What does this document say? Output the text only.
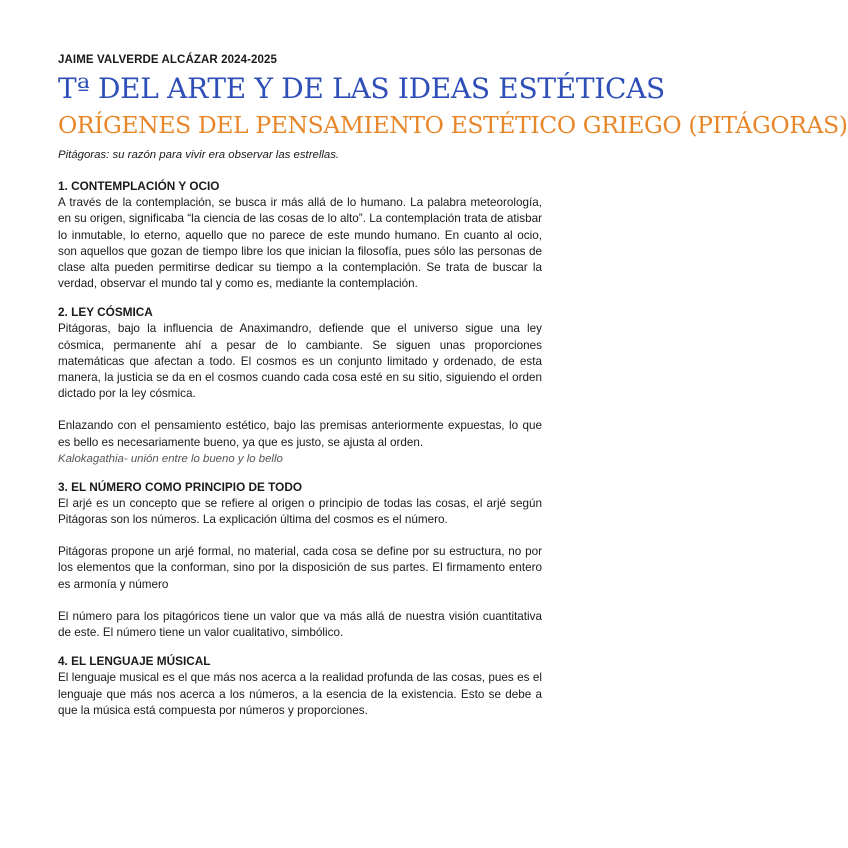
JAIME VALVERDE ALCÁZAR 2024-2025
Tª DEL ARTE Y DE LAS IDEAS ESTÉTICAS
ORÍGENES DEL PENSAMIENTO ESTÉTICO GRIEGO (PITÁGORAS)
Pitágoras: su razón para vivir era observar las estrellas.
1. CONTEMPLACIÓN Y OCIO

A través de la contemplación, se busca ir más allá de lo humano. La palabra meteorología, en su origen, significaba “la ciencia de las cosas de lo alto”. La contemplación trata de atisbar lo inmutable, lo eterno, aquello que no parece de este mundo humano. En cuanto al ocio, son aquellos que gozan de tiempo libre los que inician la filosofía, pues sólo las personas de clase alta pueden permitirse dedicar su tiempo a la contemplación. Se trata de buscar la verdad, observar el mundo tal y como es, mediante la contemplación.

2. LEY CÓSMICA

Pitágoras, bajo la influencia de Anaximandro, defiende que el universo sigue una ley cósmica, permanente ahí a pesar de lo cambiante. Se siguen unas proporciones matemáticas que afectan a todo. El cosmos es un conjunto limitado y ordenado, de esta manera, la justicia se da en el cosmos cuando cada cosa esté en su sitio, siguiendo el orden dictado por la ley cósmica.

Enlazando con el pensamiento estético, bajo las premisas anteriormente expuestas, lo que es bello es necesariamente bueno, ya que es justo, se ajusta al orden.

Kalokagathia- unión entre lo bueno y lo bello
3. EL NÚMERO COMO PRINCIPIO DE TODO

El arjé es un concepto que se refiere al origen o principio de todas las cosas, el arjé según Pitágoras son los números. La explicación última del cosmos es el número.

Pitágoras propone un arjé formal, no material, cada cosa se define por su estructura, no por los elementos que la conforman, sino por la disposición de sus partes. El firmamento entero es armonía y número

El número para los pitagóricos tiene un valor que va más allá de nuestra visión cuantitativa de este. El número tiene un valor cualitativo, simbólico.

4. EL LENGUAJE MÚSICAL

El lenguaje musical es el que más nos acerca a la realidad profunda de las cosas, pues es el lenguaje que más nos acerca a los números, a la esencia de la existencia. Esto se debe a que la música está compuesta por números y proporciones.
